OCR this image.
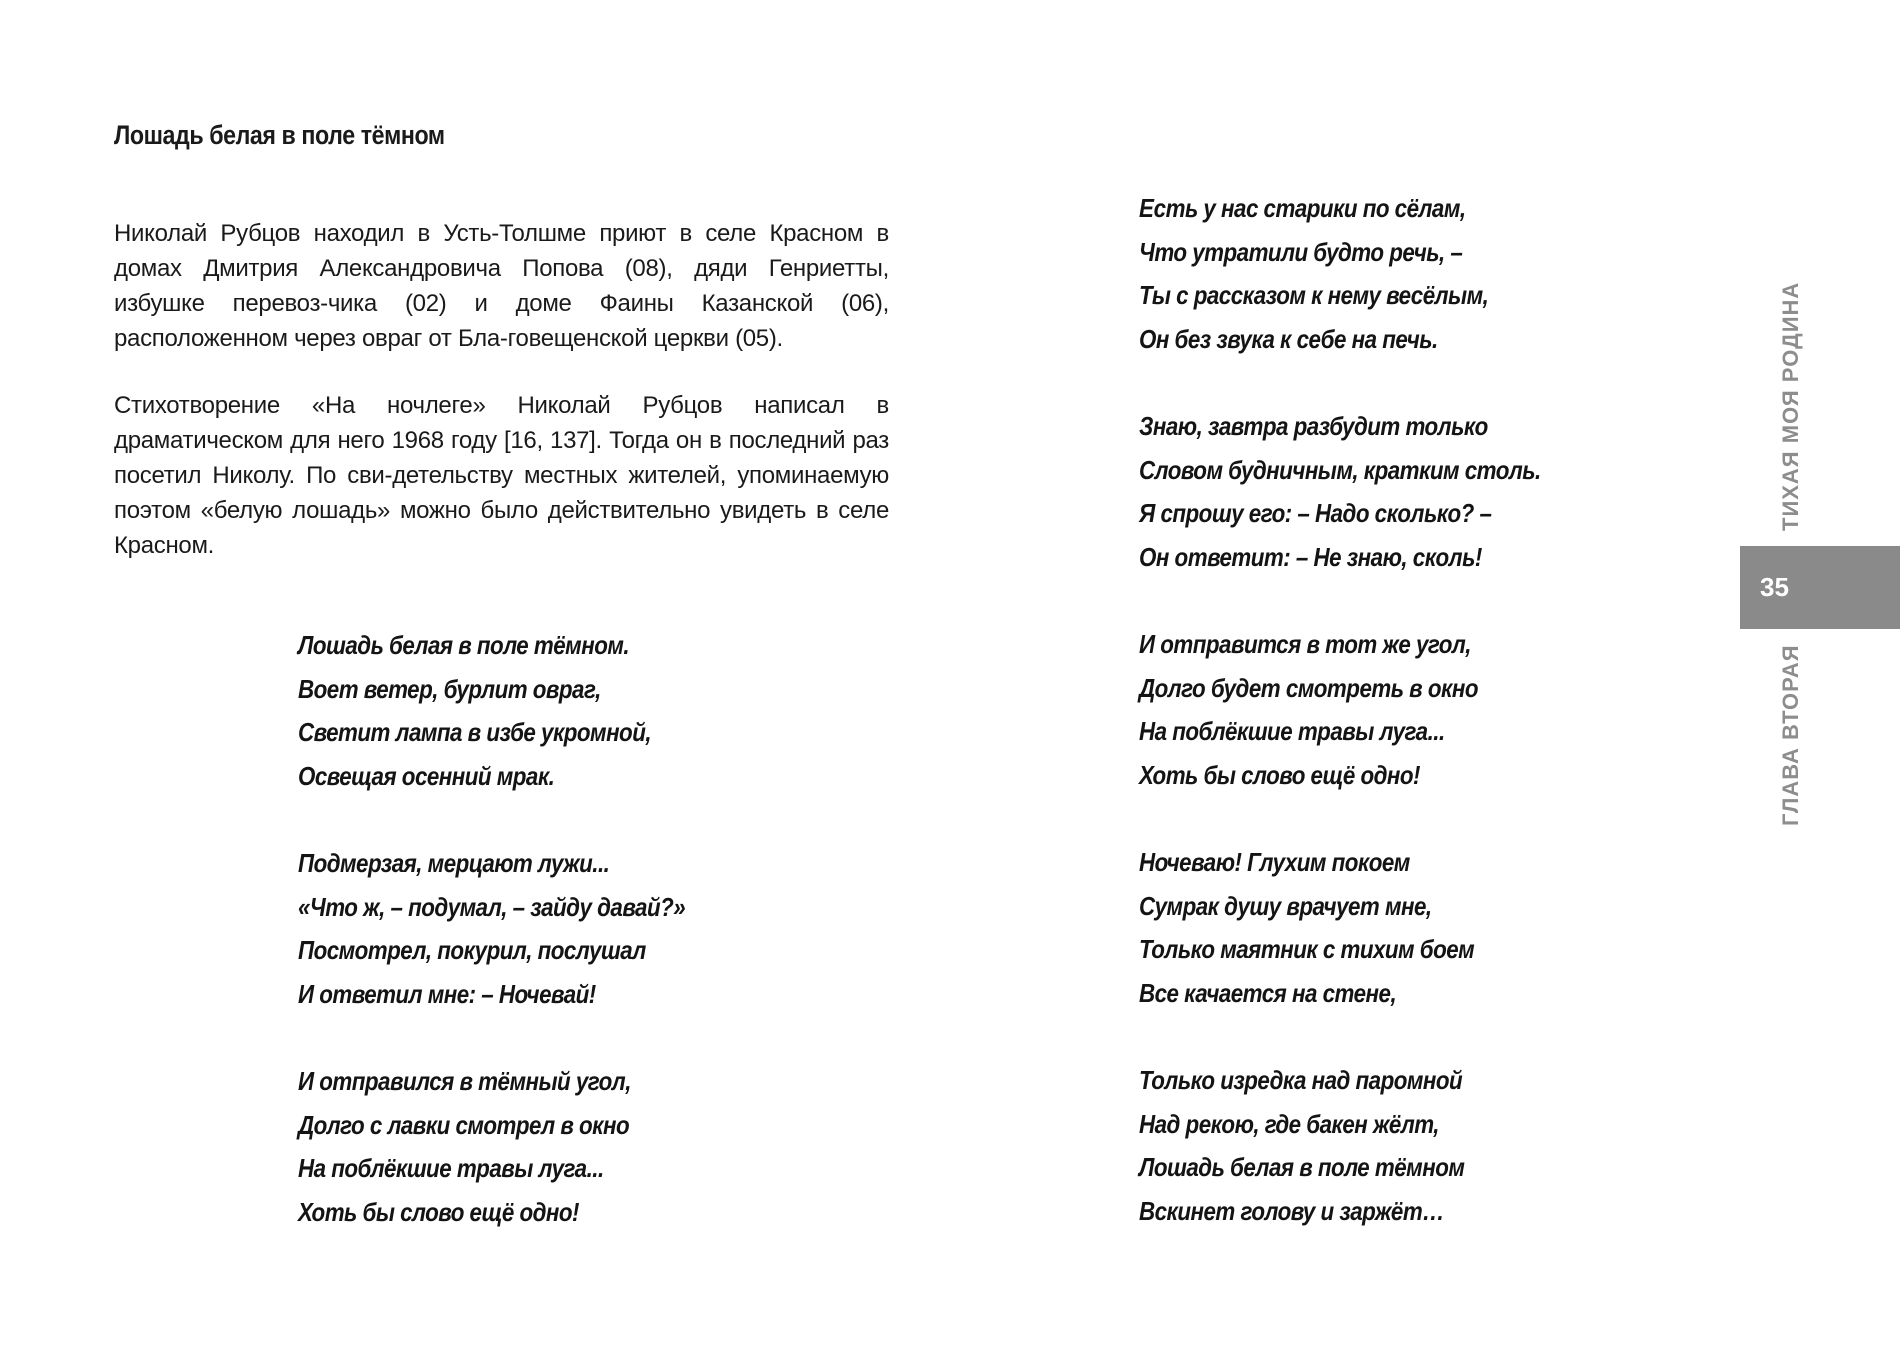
Лошадь белая в поле тёмном
Николай Рубцов находил в Усть-Толшме приют в селе Красном в домах Дмитрия Александровича Попова (08), дяди Генриетты, избушке перевоз-чика (02) и доме Фаины Казанской (06), расположенном через овраг от Бла-говещенской церкви (05).
Стихотворение «На ночлеге» Николай Рубцов написал в драматическом для него 1968 году [16, 137]. Тогда он в последний раз посетил Николу. По сви-детельству местных жителей, упоминаемую поэтом «белую лошадь» можно было действительно увидеть в селе Красном.
Лошадь белая в поле тёмном.
Воет ветер, бурлит овраг,
Светит лампа в избе укромной,
Освещая осенний мрак.
Подмерзая, мерцают лужи...
«Что ж, – подумал, – зайду давай?»
Посмотрел, покурил, послушал
И ответил мне: – Ночевай!
И отправился в тёмный угол,
Долго с лавки смотрел в окно
На поблёкшие травы луга...
Хоть бы слово ещё одно!
Есть у нас старики по сёлам,
Что утратили будто речь, –
Ты с рассказом к нему весёлым,
Он без звука к себе на печь.
Знаю, завтра разбудит только
Словом будничным, кратким столь.
Я спрошу его: – Надо сколько? –
Он ответит: – Не знаю, сколь!
И отправится в тот же угол,
Долго будет смотреть в окно
На поблёкшие травы луга...
Хоть бы слово ещё одно!
Ночеваю! Глухим покоем
Сумрак душу врачует мне,
Только маятник с тихим боем
Все качается на стене,
Только изредка над паромной
Над рекою, где бакен жёлт,
Лошадь белая в поле тёмном
Вскинет голову и заржёт…
ТИХАЯ МОЯ РОДИНА
35
ГЛАВА ВТОРАЯ
